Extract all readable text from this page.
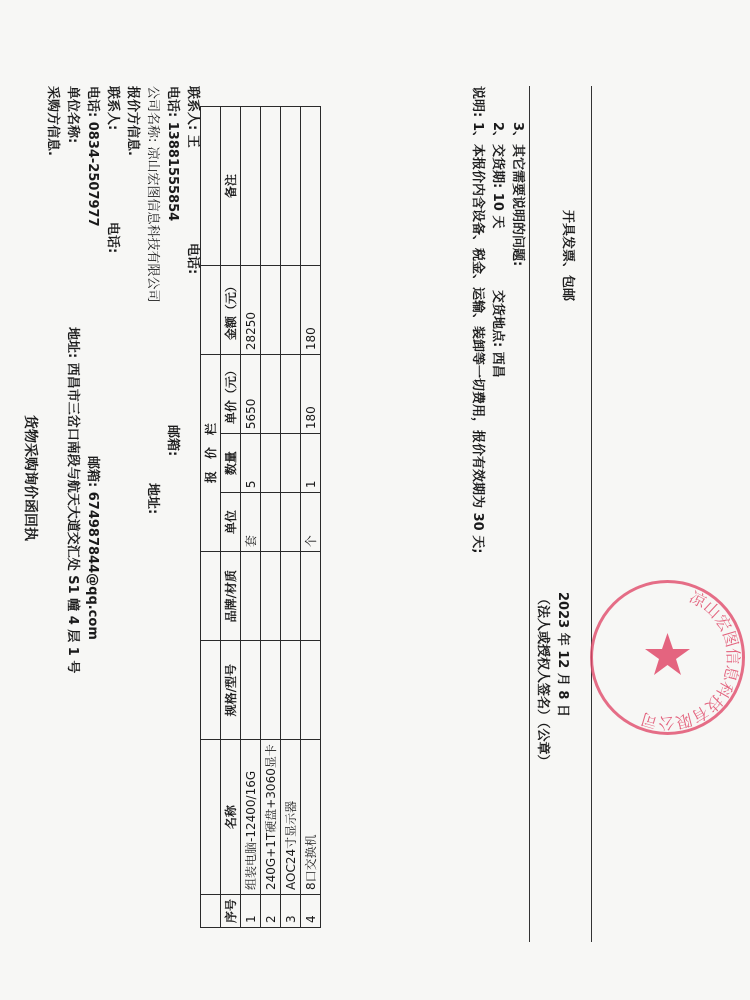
货物采购询价函回执
采购方信息. 单位名称:
地址: 西昌市三岔口南段与航天大道交汇处 S1 幢 4 层 1 号
电话: 0834-2507977
邮箱: 674987844@qq.com
联系人:
电话:
报价方信息. 公司名称: 凉山宏图信息科技有限公司
地址:
电话: 13881555854
邮箱:
联系人: 王
电话:
				报　价　栏				
序号	名称	规格/型号	品牌/材质	单位	数量	单价（元）	金额（元）	备注
1	组装电脑-12400/16G			套	5	5650	28250	
2	240G+1T硬盘+3060显卡							
3	AOC24寸显示器							
4	8口交换机			个	1	180	180	
说明:
1、本报价内含设备、税金、运输、装卸等一切费用，报价有效期为 30 天; 2、交货期: 10 天
交货地点: 西昌
3、其它需要说明的问题:	开具发票、包邮
（法人或授权人签名）（公章） 2023 年 12 月 8 日	凉山宏图信息科技有限公司
